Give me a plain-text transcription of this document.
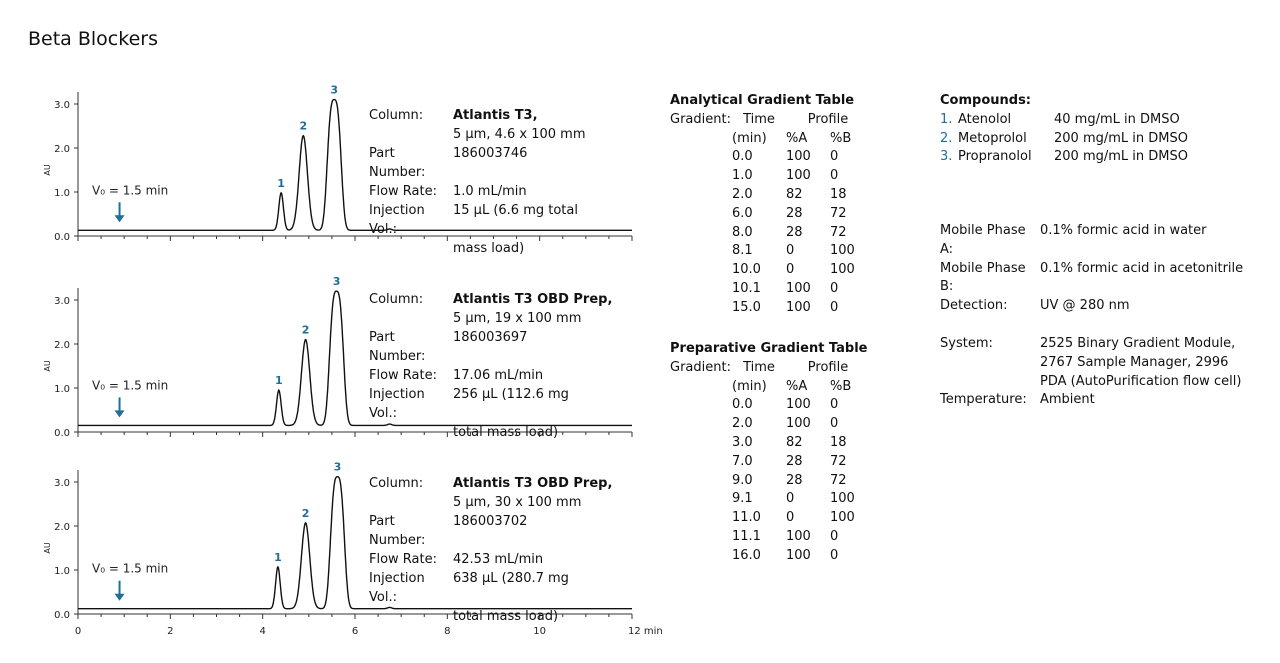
Beta Blockers
0.0
1.0
2.0
3.0
AU
1
2
3
V₀ = 1.5 min
0.0
1.0
2.0
3.0
AU
1
2
3
V₀ = 1.5 min
0.0
1.0
2.0
3.0
AU
0	2	4	6	8	10	12 min
1
2
3
V₀ = 1.5 min
Column:	Atlantis T3,
5 μm, 4.6 x 100 mm
Part Number:
186003746
Flow Rate:	1.0 mL/min
Injection Vol.:
15 μL (6.6 mg total
mass load)
Column:	Atlantis T3 OBD Prep,
5 μm, 19 x 100 mm
Part Number:
186003697
Flow Rate:	17.06 mL/min
Injection Vol.:
256 μL (112.6 mg
total mass load)
Column:	Atlantis T3 OBD Prep,
5 μm, 30 x 100 mm
Part Number:
186003702
Flow Rate:	42.53 mL/min
Injection Vol.:
638 μL (280.7 mg
total mass load)
Analytical Gradient Table
Gradient: Time	Profile
(min)	%A	%B
0.0	100	0
1.0	100	0
2.0	82	18
6.0	28	72
8.0	28	72
8.1	0	100
10.0	0	100
10.1	100	0
15.0	100	0
Preparative Gradient Table
Gradient: Time	Profile
(min)	%A	%B
0.0	100	0
2.0	100	0
3.0	82	18
7.0	28	72
9.0	28	72
9.1	0	100
11.0	0	100
11.1	100	0
16.0	100	0
Compounds:
1. Atenolol	40 mg/mL in DMSO
2. Metoprolol	200 mg/mL in DMSO
3. Propranolol	200 mg/mL in DMSO
Mobile Phase A:
0.1% formic acid in water
Mobile Phase B:
0.1% formic acid in acetonitrile
Detection:	UV @ 280 nm
System:	2525 Binary Gradient Module,
2767 Sample Manager, 2996
PDA (AutoPurification flow cell)
Temperature:	Ambient
